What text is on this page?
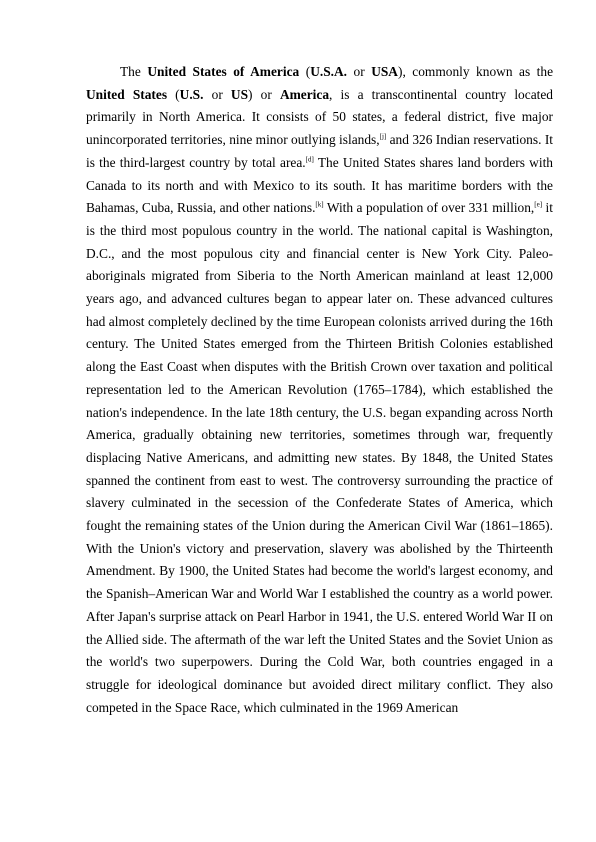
The United States of America (U.S.A. or USA), commonly known as the United States (U.S. or US) or America, is a transcontinental country located primarily in North America. It consists of 50 states, a federal district, five major unincorporated territories, nine minor outlying islands,[j] and 326 Indian reservations. It is the third-largest country by total area.[d] The United States shares land borders with Canada to its north and with Mexico to its south. It has maritime borders with the Bahamas, Cuba, Russia, and other nations.[k] With a population of over 331 million,[e] it is the third most populous country in the world. The national capital is Washington, D.C., and the most populous city and financial center is New York City. Paleo-aboriginals migrated from Siberia to the North American mainland at least 12,000 years ago, and advanced cultures began to appear later on. These advanced cultures had almost completely declined by the time European colonists arrived during the 16th century. The United States emerged from the Thirteen British Colonies established along the East Coast when disputes with the British Crown over taxation and political representation led to the American Revolution (1765–1784), which established the nation's independence. In the late 18th century, the U.S. began expanding across North America, gradually obtaining new territories, sometimes through war, frequently displacing Native Americans, and admitting new states. By 1848, the United States spanned the continent from east to west. The controversy surrounding the practice of slavery culminated in the secession of the Confederate States of America, which fought the remaining states of the Union during the American Civil War (1861–1865). With the Union's victory and preservation, slavery was abolished by the Thirteenth Amendment. By 1900, the United States had become the world's largest economy, and the Spanish–American War and World War I established the country as a world power. After Japan's surprise attack on Pearl Harbor in 1941, the U.S. entered World War II on the Allied side. The aftermath of the war left the United States and the Soviet Union as the world's two superpowers. During the Cold War, both countries engaged in a struggle for ideological dominance but avoided direct military conflict. They also competed in the Space Race, which culminated in the 1969 American
